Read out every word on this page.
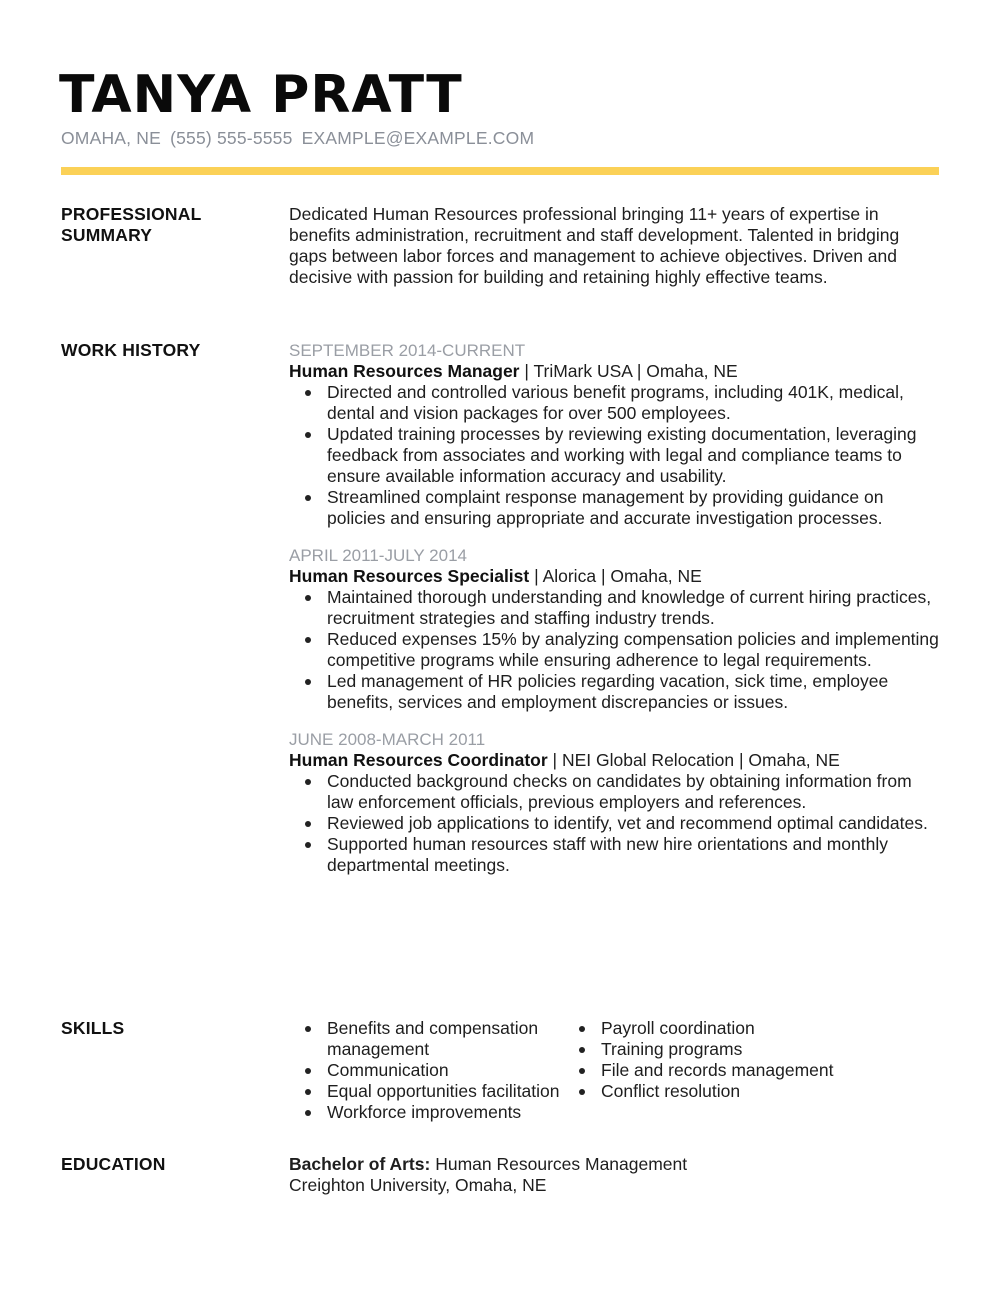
TANYA PRATT
OMAHA, NE (555) 555-5555 EXAMPLE@EXAMPLE.COM
PROFESSIONAL SUMMARY

Dedicated Human Resources professional bringing 11+ years of expertise in benefits administration, recruitment and staff development. Talented in bridging gaps between labor forces and management to achieve objectives. Driven and decisive with passion for building and retaining highly effective teams.

WORK HISTORY	SEPTEMBER 2014-CURRENT
Human Resources Manager | TriMark USA | Omaha, NE
Directed and controlled various benefit programs, including 401K, medical, dental and vision packages for over 500 employees.
Updated training processes by reviewing existing documentation, leveraging feedback from associates and working with legal and compliance teams to ensure available information accuracy and usability.
Streamlined complaint response management by providing guidance on policies and ensuring appropriate and accurate investigation processes.
APRIL 2011-JULY 2014
Human Resources Specialist | Alorica | Omaha, NE
Maintained thorough understanding and knowledge of current hiring practices, recruitment strategies and staffing industry trends.
Reduced expenses 15% by analyzing compensation policies and implementing competitive programs while ensuring adherence to legal requirements.
Led management of HR policies regarding vacation, sick time, employee benefits, services and employment discrepancies or issues.
JUNE 2008-MARCH 2011
Human Resources Coordinator | NEI Global Relocation | Omaha, NE
Conducted background checks on candidates by obtaining information from law enforcement officials, previous employers and references.
Reviewed job applications to identify, vet and recommend optimal candidates.
Supported human resources staff with new hire orientations and monthly departmental meetings.
SKILLS	Benefits and compensation management
Communication
Equal opportunities facilitation
Workforce improvements
Payroll coordination
Training programs
File and records management
Conflict resolution
EDUCATION	Bachelor of Arts: Human Resources Management
Creighton University, Omaha, NE
